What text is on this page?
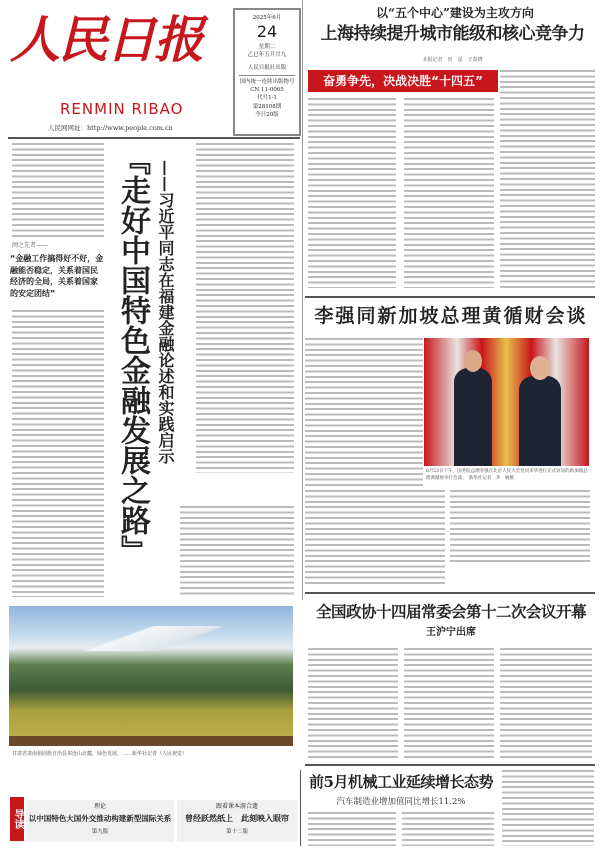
人民日报
RENMIN RIBAO
人民网网址：http://www.people.com.cn
2025年6月
24
星期二
乙巳年五月廿九
人民日报社出版
国内统一连续出版物号
CN 11-0065
代号1-1
第28108期
今日20版
以“五个中心”建设为主攻方向
上海持续提升城市能级和核心竞争力
本报记者　田　泓　王春晓
奋勇争先，决战决胜“十四五”
闽之先者——
“金融工作搞得好不好，金融能否稳定，关系着国民经济的全局，关系着国家的安定团结”	『走好中国特色金融发展之路』 ——习近平同志在福建金融论述和实践启示
甘肃省肃南裕固族自治县祁连山北麓，绿色发展，……新华社记者（人民视觉）
李强同新加坡总理黄循财会谈
6月23日下午，国务院总理李强在北京人民大会堂同来华进行正式访问的新加坡总理黄循财举行会谈。　新华社记者　李　响摄
全国政协十四届常委会第十二次会议开幕
王沪宁出席
前5月机械工业延续增长态势
汽车制造业增加值同比增长11.2%
导读
理论
以中国特色大国外交推动构建新型国际关系
第九版
跟着课本游合遗
曾经跃然纸上　此刻映入眼帘
第十二版
